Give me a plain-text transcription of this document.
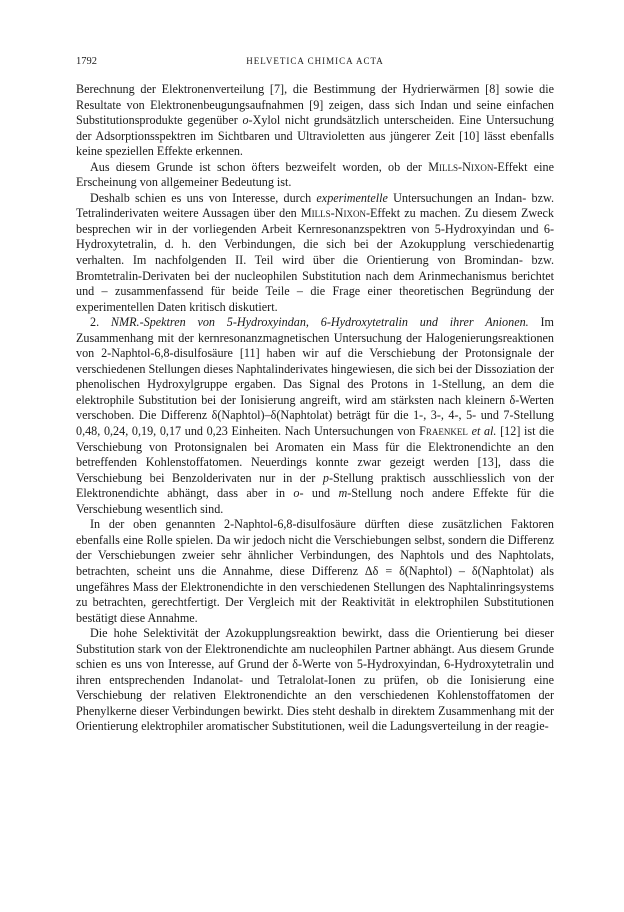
1792	HELVETICA CHIMICA ACTA

Berechnung der Elektronenverteilung [7], die Bestimmung der Hydrierwärmen [8] sowie die Resultate von Elektronenbeugungsaufnahmen [9] zeigen, dass sich Indan und seine einfachen Substitutionsprodukte gegenüber o-Xylol nicht grundsätzlich unterscheiden. Eine Untersuchung der Adsorptionsspektren im Sichtbaren und Ultravioletten aus jüngerer Zeit [10] lässt ebenfalls keine speziellen Effekte erkennen.

Aus diesem Grunde ist schon öfters bezweifelt worden, ob der Mills-Nixon-Effekt eine Erscheinung von allgemeiner Bedeutung ist.

Deshalb schien es uns von Interesse, durch experimentelle Untersuchungen an Indan- bzw. Tetralinderivaten weitere Aussagen über den Mills-Nixon-Effekt zu machen. Zu diesem Zweck besprechen wir in der vorliegenden Arbeit Kernresonanzspektren von 5-Hydroxyindan und 6-Hydroxytetralin, d. h. den Verbindungen, die sich bei der Azokupplung verschiedenartig verhalten. Im nachfolgenden II. Teil wird über die Orientierung von Bromindan- bzw. Bromtetralin-Derivaten bei der nucleophilen Substitution nach dem Arinmechanismus berichtet und – zusammenfassend für beide Teile – die Frage einer theoretischen Begründung der experimentellen Daten kritisch diskutiert.

2. NMR.-Spektren von 5-Hydroxyindan, 6-Hydroxytetralin und ihrer Anionen. Im Zusammenhang mit der kernresonanzmagnetischen Untersuchung der Halogenierungsreaktionen von 2-Naphtol-6,8-disulfosäure [11] haben wir auf die Verschiebung der Protonsignale der verschiedenen Stellungen dieses Naphtalinderivates hingewiesen, die sich bei der Dissoziation der phenolischen Hydroxylgruppe ergaben. Das Signal des Protons in 1-Stellung, an dem die elektrophile Substitution bei der Ionisierung angreift, wird am stärksten nach kleinern δ-Werten verschoben. Die Differenz δ(Naphtol)–δ(Naphtolat) beträgt für die 1-, 3-, 4-, 5- und 7-Stellung 0,48, 0,24, 0,19, 0,17 und 0,23 Einheiten. Nach Untersuchungen von Fraenkel et al. [12] ist die Verschiebung von Protonsignalen bei Aromaten ein Mass für die Elektronendichte an den betreffenden Kohlenstoffatomen. Neuerdings konnte zwar gezeigt werden [13], dass die Verschiebung bei Benzolderivaten nur in der p-Stellung praktisch ausschliesslich von der Elektronendichte abhängt, dass aber in o- und m-Stellung noch andere Effekte für die Verschiebung wesentlich sind.

In der oben genannten 2-Naphtol-6,8-disulfosäure dürften diese zusätzlichen Faktoren ebenfalls eine Rolle spielen. Da wir jedoch nicht die Verschiebungen selbst, sondern die Differenz der Verschiebungen zweier sehr ähnlicher Verbindungen, des Naphtols und des Naphtolats, betrachten, scheint uns die Annahme, diese Differenz Δδ = δ(Naphtol) – δ(Naphtolat) als ungefähres Mass der Elektronendichte in den verschiedenen Stellungen des Naphtalinringsystems zu betrachten, gerechtfertigt. Der Vergleich mit der Reaktivität in elektrophilen Substitutionen bestätigt diese Annahme.

Die hohe Selektivität der Azokupplungsreaktion bewirkt, dass die Orientierung bei dieser Substitution stark von der Elektronendichte am nucleophilen Partner abhängt. Aus diesem Grunde schien es uns von Interesse, auf Grund der δ-Werte von 5-Hydroxyindan, 6-Hydroxytetralin und ihren entsprechenden Indanolat- und Tetralolat-Ionen zu prüfen, ob die Ionisierung eine Verschiebung der relativen Elektronendichte an den verschiedenen Kohlenstoffatomen der Phenylkerne dieser Verbindungen bewirkt. Dies steht deshalb in direktem Zusammenhang mit der Orientierung elektrophiler aromatischer Substitutionen, weil die Ladungsverteilung in der reagie-
